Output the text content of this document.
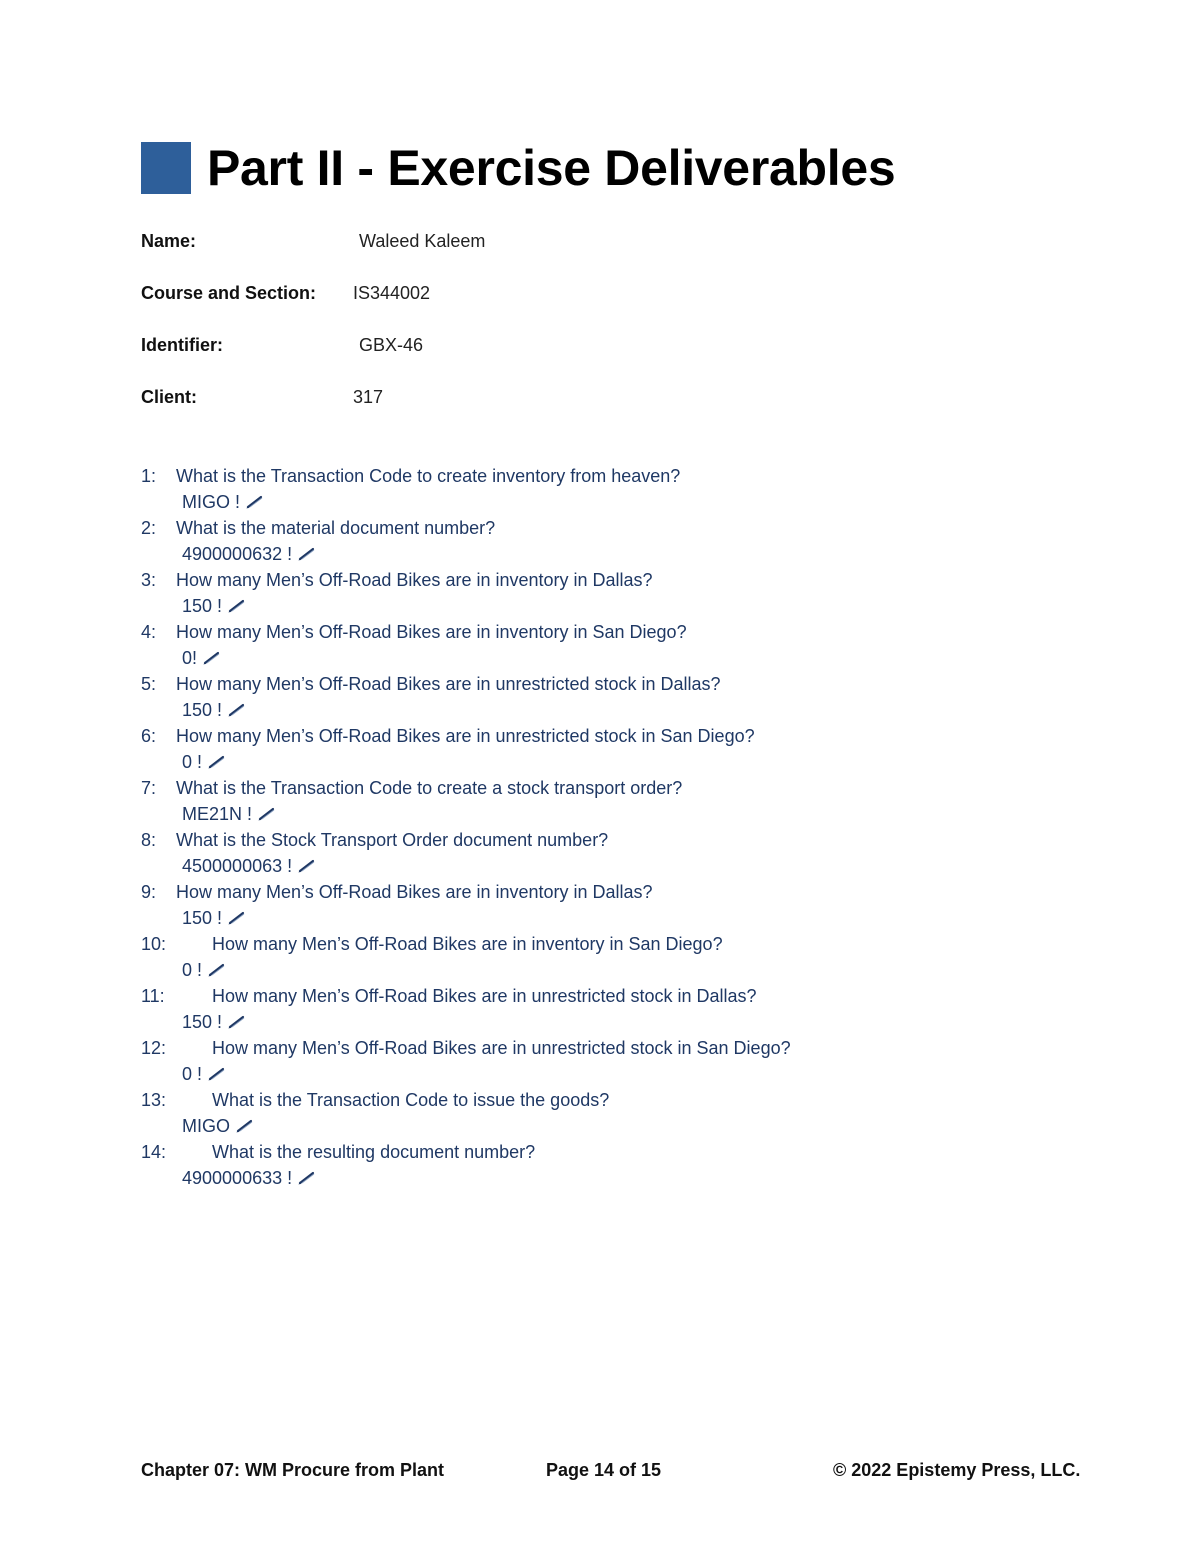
Part II - Exercise Deliverables
Name:	Waleed Kaleem
Course and Section: IS344002
Identifier:	GBX-46
Client:	317
1: What is the Transaction Code to create inventory from heaven?
MIGO !
2: What is the material document number?
4900000632 !
3: How many Men’s Off-Road Bikes are in inventory in Dallas?
150 !
4: How many Men’s Off-Road Bikes are in inventory in San Diego?
0!
5: How many Men’s Off-Road Bikes are in unrestricted stock in Dallas?
150 !
6: How many Men’s Off-Road Bikes are in unrestricted stock in San Diego?
0 !
7: What is the Transaction Code to create a stock transport order?
ME21N !
8: What is the Stock Transport Order document number?
4500000063 !
9: How many Men’s Off-Road Bikes are in inventory in Dallas?
150 !
10:	How many Men’s Off-Road Bikes are in inventory in San Diego?
0 !
11:	How many Men’s Off-Road Bikes are in unrestricted stock in Dallas?
150 !
12:	How many Men’s Off-Road Bikes are in unrestricted stock in San Diego?
0 !
13:	What is the Transaction Code to issue the goods?
MIGO
14:	What is the resulting document number?
4900000633 !
Chapter 07: WM Procure from Plant	Page 14 of 15	© 2022 Epistemy Press, LLC.
